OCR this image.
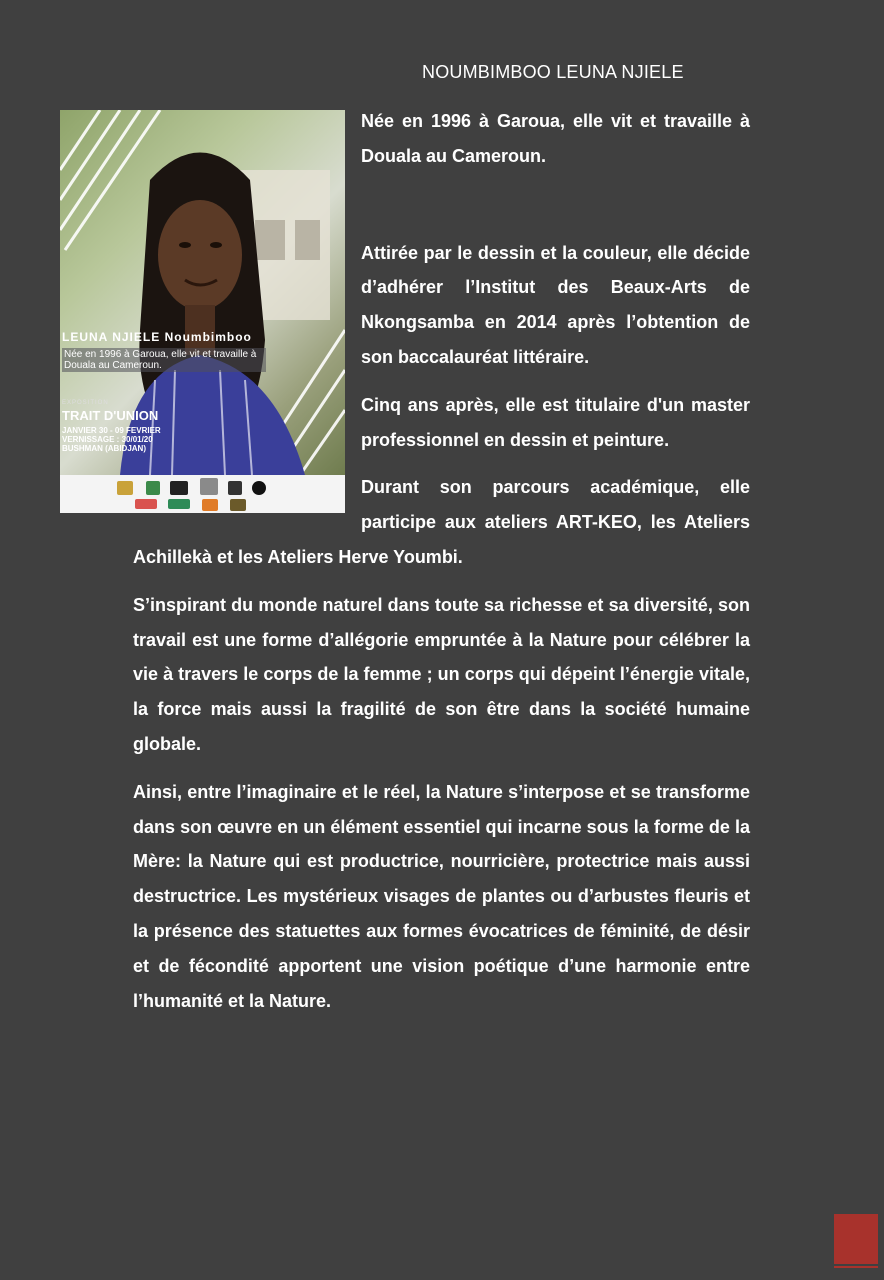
NOUMBIMBOO LEUNA NJIELE
LEUNA NJIELE Noumbimboo
Née en 1996 à Garoua, elle vit et travaille à Douala au Cameroun.
EXPOSITION
TRAIT D'UNION
JANVIER 30 - 09 FEVRIER
VERNISSAGE : 30/01/20
BUSHMAN (ABIDJAN)

Née en 1996 à Garoua, elle vit et travaille à Douala au Cameroun.

Attirée par le dessin et la couleur, elle décide d’adhérer l’Institut des Beaux-Arts de Nkongsamba en 2014 après l’obtention de son baccalauréat littéraire.

Cinq ans après, elle est titulaire d'un master professionnel en dessin et peinture.

Durant son parcours académique, elle participe aux ateliers ART-KEO, les Ateliers Achillekà et les Ateliers Herve Youmbi.

S’inspirant du monde naturel dans toute sa richesse et sa diversité, son travail est une forme d’allégorie empruntée à la Nature pour célébrer la vie à travers le corps de la femme ; un corps qui dépeint l’énergie vitale, la force mais aussi la fragilité de son être dans la société humaine globale.

Ainsi, entre l’imaginaire et le réel, la Nature s’interpose et se transforme dans son œuvre en un élément essentiel qui incarne sous la forme de la Mère: la Nature qui est productrice, nourricière, protectrice mais aussi destructrice. Les mystérieux visages de plantes ou d’arbustes fleuris et la présence des statuettes aux formes évocatrices de féminité, de désir et de fécondité apportent une vision poétique d’une harmonie entre l’humanité et la Nature.
